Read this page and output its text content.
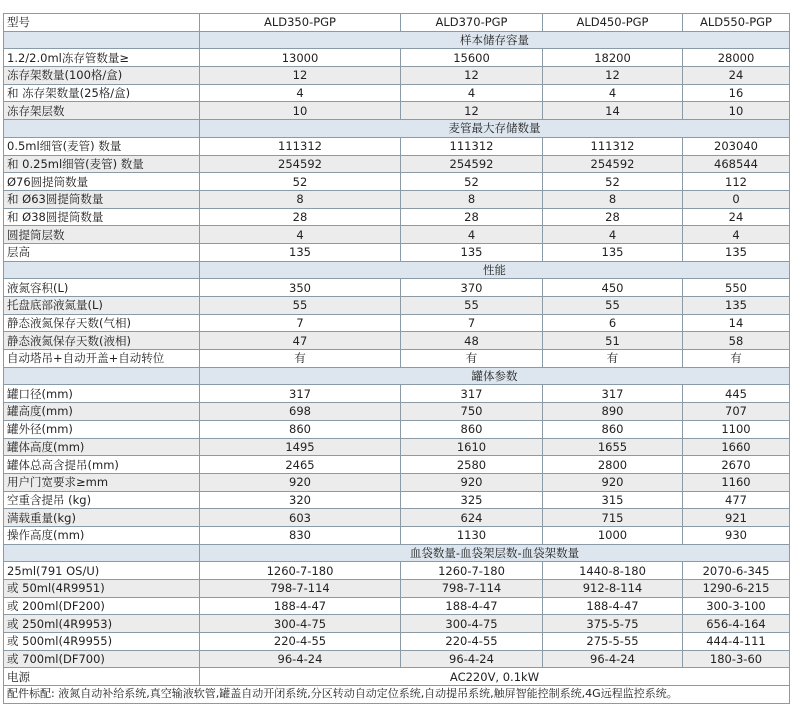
型号	ALD350-PGP	ALD370-PGP	ALD450-PGP	ALD550-PGP
	样本储存容量			
1.2/2.0ml冻存管数量≥	13000	15600	18200	28000
冻存架数量(100格/盒)	12	12	12	24
和 冻存架数量(25格/盒)	4	4	4	16
冻存架层数	10	12	14	10
	麦管最大存储数量			
0.5ml细管(麦管) 数量	111312	111312	111312	203040
和 0.25ml细管(麦管) 数量	254592	254592	254592	468544
Ø76圆提筒数量	52	52	52	112
和 Ø63圆提筒数量	8	8	8	0
和 Ø38圆提筒数量	28	28	28	24
圆提筒层数	4	4	4	4
层高	135	135	135	135
	性能			
液氮容积(L)	350	370	450	550
托盘底部液氮量(L)	55	55	55	135
静态液氮保存天数(气相)	7	7	6	14
静态液氮保存天数(液相)	47	48	51	58
自动塔吊+自动开盖+自动转位	有	有	有	有
	罐体参数			
罐口径(mm)	317	317	317	445
罐高度(mm)	698	750	890	707
罐外径(mm)	860	860	860	1100
罐体高度(mm)	1495	1610	1655	1660
罐体总高含提吊(mm)	2465	2580	2800	2670
用户门宽要求≥mm	920	920	920	1160
空重含提吊 (kg)	320	325	315	477
满载重量(kg)	603	624	715	921
操作高度(mm)	830	1130	1000	930
	血袋数量-血袋架层数-血袋架数量			
25ml(791 OS/U)	1260-7-180	1260-7-180	1440-8-180	2070-6-345
或 50ml(4R9951)	798-7-114	798-7-114	912-8-114	1290-6-215
或 200ml(DF200)	188-4-47	188-4-47	188-4-47	300-3-100
或 250ml(4R9953)	300-4-75	300-4-75	375-5-75	656-4-164
或 500ml(4R9955)	220-4-55	220-4-55	275-5-55	444-4-111
或 700ml(DF700)	96-4-24	96-4-24	96-4-24	180-3-60
电源	AC220V, 0.1kW			
配件标配: 液氮自动补给系统,真空输液软管,罐盖自动开闭系统,分区转动自动定位系统,自动提吊系统,触屏智能控制系统,4G远程监控系统。				
